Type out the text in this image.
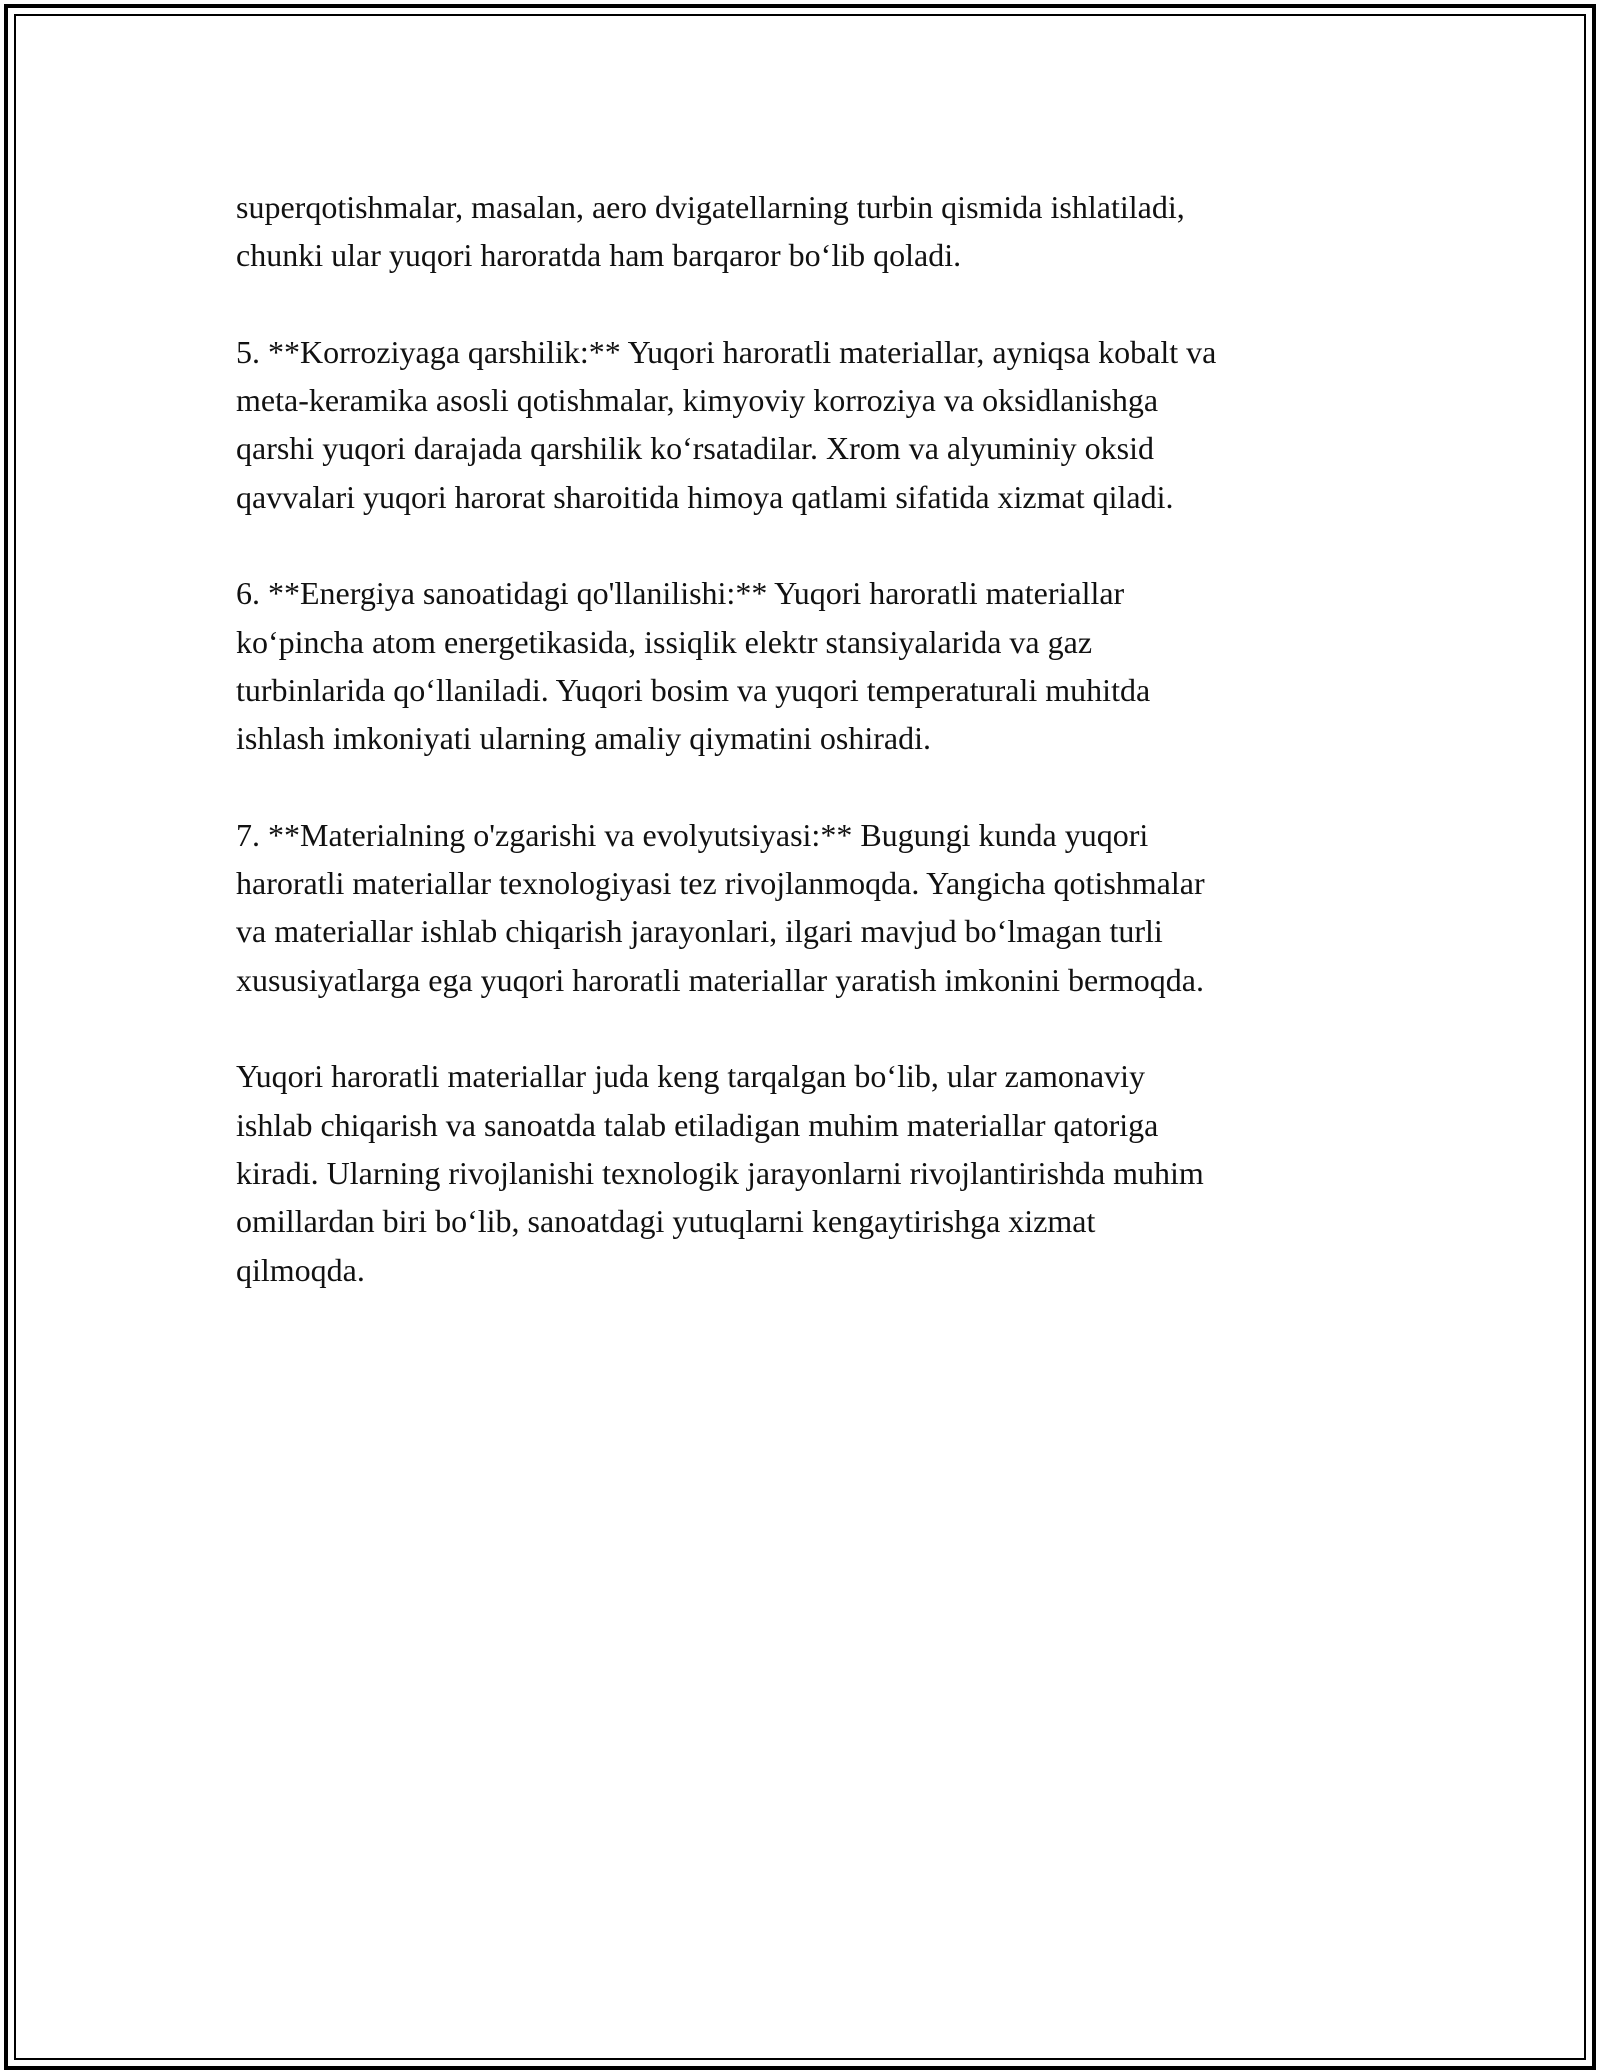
superqotishmalar, masalan, aero dvigatellarning turbin qismida ishlatiladi,
chunki ular yuqori haroratda ham barqaror bo‘lib qoladi.

5. **Korroziyaga qarshilik:** Yuqori haroratli materiallar, ayniqsa kobalt va
meta-keramika asosli qotishmalar, kimyoviy korroziya va oksidlanishga
qarshi yuqori darajada qarshilik ko‘rsatadilar. Xrom va alyuminiy oksid
qavvalari yuqori harorat sharoitida himoya qatlami sifatida xizmat qiladi.

6. **Energiya sanoatidagi qo'llanilishi:** Yuqori haroratli materiallar
ko‘pincha atom energetikasida, issiqlik elektr stansiyalarida va gaz
turbinlarida qo‘llaniladi. Yuqori bosim va yuqori temperaturali muhitda
ishlash imkoniyati ularning amaliy qiymatini oshiradi.

7. **Materialning o'zgarishi va evolyutsiyasi:** Bugungi kunda yuqori
haroratli materiallar texnologiyasi tez rivojlanmoqda. Yangicha qotishmalar
va materiallar ishlab chiqarish jarayonlari, ilgari mavjud bo‘lmagan turli
xususiyatlarga ega yuqori haroratli materiallar yaratish imkonini bermoqda.

Yuqori haroratli materiallar juda keng tarqalgan bo‘lib, ular zamonaviy
ishlab chiqarish va sanoatda talab etiladigan muhim materiallar qatoriga
kiradi. Ularning rivojlanishi texnologik jarayonlarni rivojlantirishda muhim
omillardan biri bo‘lib, sanoatdagi yutuqlarni kengaytirishga xizmat
qilmoqda.
